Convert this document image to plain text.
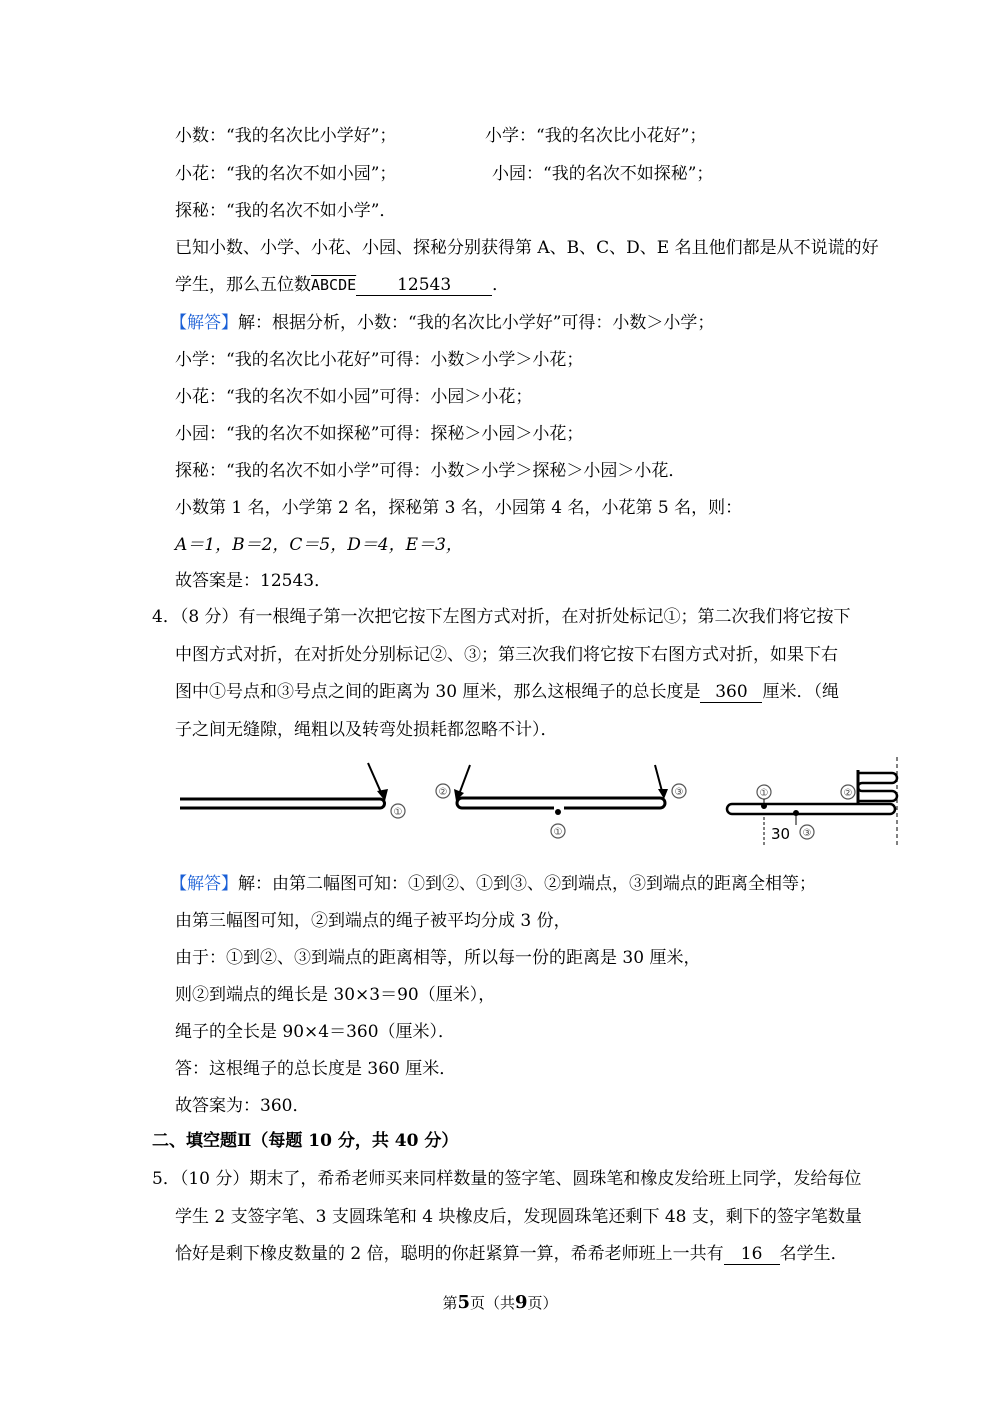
小数：“我的名次比小学好”；	小学：“我的名次比小花好”；
小花：“我的名次不如小园”；	小园：“我的名次不如探秘”；
探秘：“我的名次不如小学”．
已知小数、小学、小花、小园、探秘分别获得第 A、B、C、D、E 名且他们都是从不说谎的好
学生，那么五位数ABCDE 12543 ．
【解答】解：根据分析，小数：“我的名次比小学好”可得：小数＞小学；
小学：“我的名次比小花好”可得：小数＞小学＞小花；
小花：“我的名次不如小园”可得：小园＞小花；
小园：“我的名次不如探秘”可得：探秘＞小园＞小花；
探秘：“我的名次不如小学”可得：小数＞小学＞探秘＞小园＞小花．
小数第 1 名，小学第 2 名，探秘第 3 名，小园第 4 名，小花第 5 名，则：
A＝1，B＝2，C＝5，D＝4，E＝3，
故答案是：12543．
4．（8 分）有一根绳子第一次把它按下左图方式对折，在对折处标记①；第二次我们将它按下
中图方式对折，在对折处分别标记②、③；第三次我们将它按下右图方式对折，如果下右
图中①号点和③号点之间的距离为 30 厘米，那么这根绳子的总长度是 360 厘米．（绳
子之间无缝隙，绳粗以及转弯处损耗都忽略不计）．
①
②	③
①
①
③
30
②
【解答】解：由第二幅图可知：①到②、①到③、②到端点，③到端点的距离全相等；
由第三幅图可知，②到端点的绳子被平均分成 3 份，
由于：①到②、③到端点的距离相等，所以每一份的距离是 30 厘米，
则②到端点的绳长是 30×3＝90（厘米），
绳子的全长是 90×4＝360（厘米）．
答：这根绳子的总长度是 360 厘米．
故答案为：360．
二、填空题Ⅱ（每题 10 分，共 40 分）
5．（10 分）期末了，希希老师买来同样数量的签字笔、圆珠笔和橡皮发给班上同学，发给每位
学生 2 支签字笔、3 支圆珠笔和 4 块橡皮后，发现圆珠笔还剩下 48 支，剩下的签字笔数量
恰好是剩下橡皮数量的 2 倍，聪明的你赶紧算一算，希希老师班上一共有 16 名学生．
第5页（共9页）
